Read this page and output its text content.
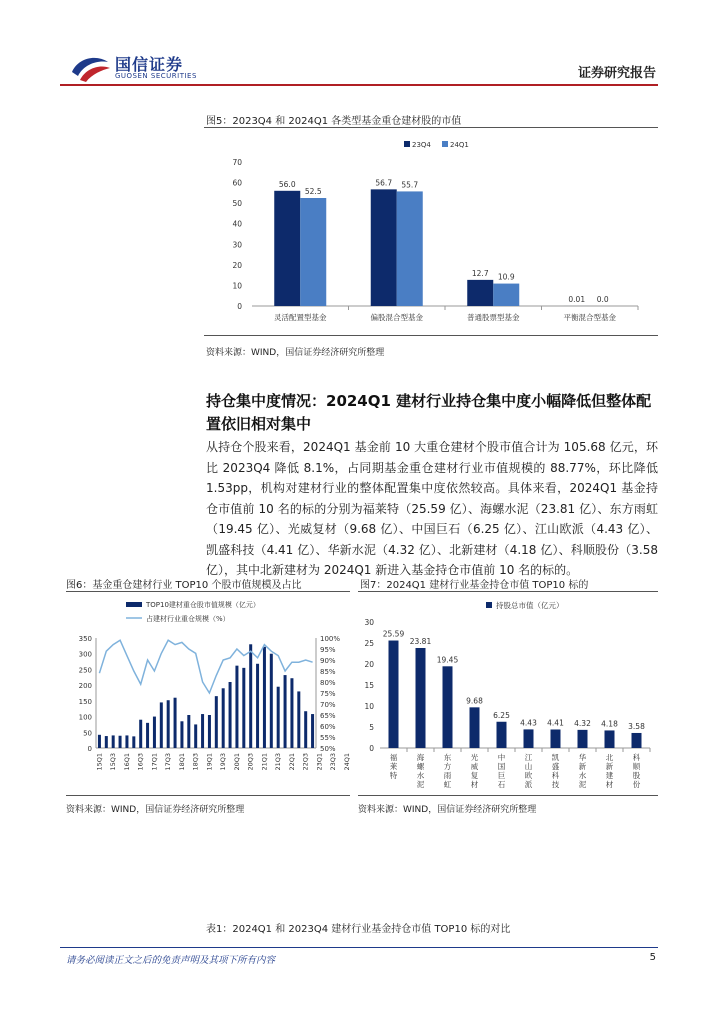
国信证券
GUOSEN SECURITIES	证券研究报告
图5：2023Q4 和 2024Q1 各类型基金重仓建材股的市值
23Q4	24Q1
0
10
20
30
40
50
60
70
56.0
52.5
灵活配置型基金
56.7 55.7
偏股混合型基金
12.7 10.9
普通股票型基金
0.01 0.0
平衡混合型基金
资料来源：WIND，国信证券经济研究所整理
持仓集中度情况：2024Q1 建材行业持仓集中度小幅降低但整体配置依旧相对集中
从持仓个股来看，2024Q1 基金前 10 大重仓建材个股市值合计为 105.68 亿元，环比 2023Q4 降低 8.1%，占同期基金重仓建材行业市值规模的 88.77%，环比降低 1.53pp，机构对建材行业的整体配置集中度依然较高。具体来看，2024Q1 基金持仓市值前 10 名的标的分别为福莱特（25.59 亿）、海螺水泥（23.81 亿）、东方雨虹（19.45 亿）、光威复材（9.68 亿）、中国巨石（6.25 亿）、江山欧派（4.43 亿）、凯盛科技（4.41 亿）、华新水泥（4.32 亿）、北新建材（4.18 亿）、科顺股份（3.58 亿），其中北新建材为 2024Q1 新进入基金持仓市值前 10 名的标的。
图6：基金重仓建材行业 TOP10 个股市值规模及占比
TOP10建材重仓股市值规模（亿元）
占建材行业重仓规模（%）
0
50
100
150
200
250
300
350
50%
55%
60%
65%
70%
75%
80%
85%
90%
95%
100%
15Q1 15Q3 16Q1 16Q3 17Q1 17Q3 18Q1 18Q3 19Q1 19Q3 20Q1 20Q3 21Q1 21Q3 22Q1 22Q3 23Q1 23Q3 24Q1
资料来源：WIND，国信证券经济研究所整理
图7：2024Q1 建材行业基金持仓市值 TOP10 标的
持股总市值（亿元）
0
5
10
15
20
25
30
25.59
福莱特
23.81
海螺水泥
19.45
东方雨虹
9.68
光威复材
6.25
中国巨石
4.43
江山欧派
4.41
凯盛科技
4.32
华新水泥
4.18
北新建材
3.58
科顺股份
资料来源：WIND，国信证券经济研究所整理
表1：2024Q1 和 2023Q4 建材行业基金持仓市值 TOP10 标的对比
请务必阅读正文之后的免责声明及其项下所有内容	5
